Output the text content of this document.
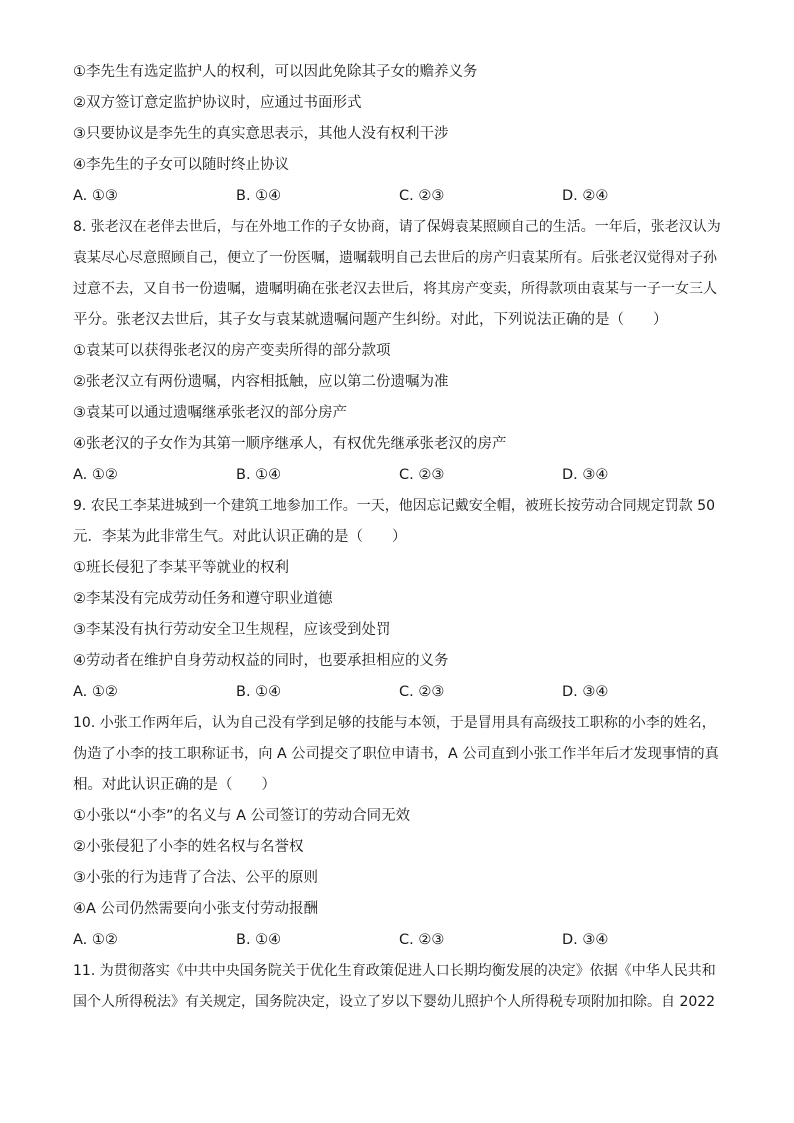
①李先生有选定监护人的权利，可以因此免除其子女的赡养义务
②双方签订意定监护协议时，应通过书面形式
③只要协议是李先生的真实意思表示，其他人没有权利干涉
④李先生的子女可以随时终止协议
A. ①③	B. ①④	C. ②③	D. ②④
8. 张老汉在老伴去世后，与在外地工作的子女协商，请了保姆袁某照顾自己的生活。一年后，张老汉认为
袁某尽心尽意照顾自己，便立了一份医嘱，遗嘱载明自己去世后的房产归袁某所有。后张老汉觉得对子孙
过意不去，又自书一份遗嘱，遗嘱明确在张老汉去世后，将其房产变卖，所得款项由袁某与一子一女三人
平分。张老汉去世后，其子女与袁某就遗嘱问题产生纠纷。对此，下列说法正确的是（　　）
①袁某可以获得张老汉的房产变卖所得的部分款项
②张老汉立有两份遗嘱，内容相抵触，应以第二份遗嘱为准
③袁某可以通过遗嘱继承张老汉的部分房产
④张老汉的子女作为其第一顺序继承人，有权优先继承张老汉的房产
A. ①②	B. ①④	C. ②③	D. ③④
9. 农民工李某进城到一个建筑工地参加工作。一天，他因忘记戴安全帽，被班长按劳动合同规定罚款 50
元．李某为此非常生气。对此认识正确的是（　　）
①班长侵犯了李某平等就业的权利
②李某没有完成劳动任务和遵守职业道德
③李某没有执行劳动安全卫生规程，应该受到处罚
④劳动者在维护自身劳动权益的同时，也要承担相应的义务
A. ①②	B. ①④	C. ②③	D. ③④
10. 小张工作两年后，认为自己没有学到足够的技能与本领，于是冒用具有高级技工职称的小李的姓名，
伪造了小李的技工职称证书，向 A 公司提交了职位申请书，A 公司直到小张工作半年后才发现事情的真
相。对此认识正确的是（　　）
①小张以“小李”的名义与 A 公司签订的劳动合同无效
②小张侵犯了小李的姓名权与名誉权
③小张的行为违背了合法、公平的原则
④A 公司仍然需要向小张支付劳动报酬
A. ①②	B. ①④	C. ②③	D. ③④
11. 为贯彻落实《中共中央国务院关于优化生育政策促进人口长期均衡发展的决定》依据《中华人民共和
国个人所得税法》有关规定，国务院决定，设立了岁以下婴幼儿照护个人所得税专项附加扣除。自 2022
